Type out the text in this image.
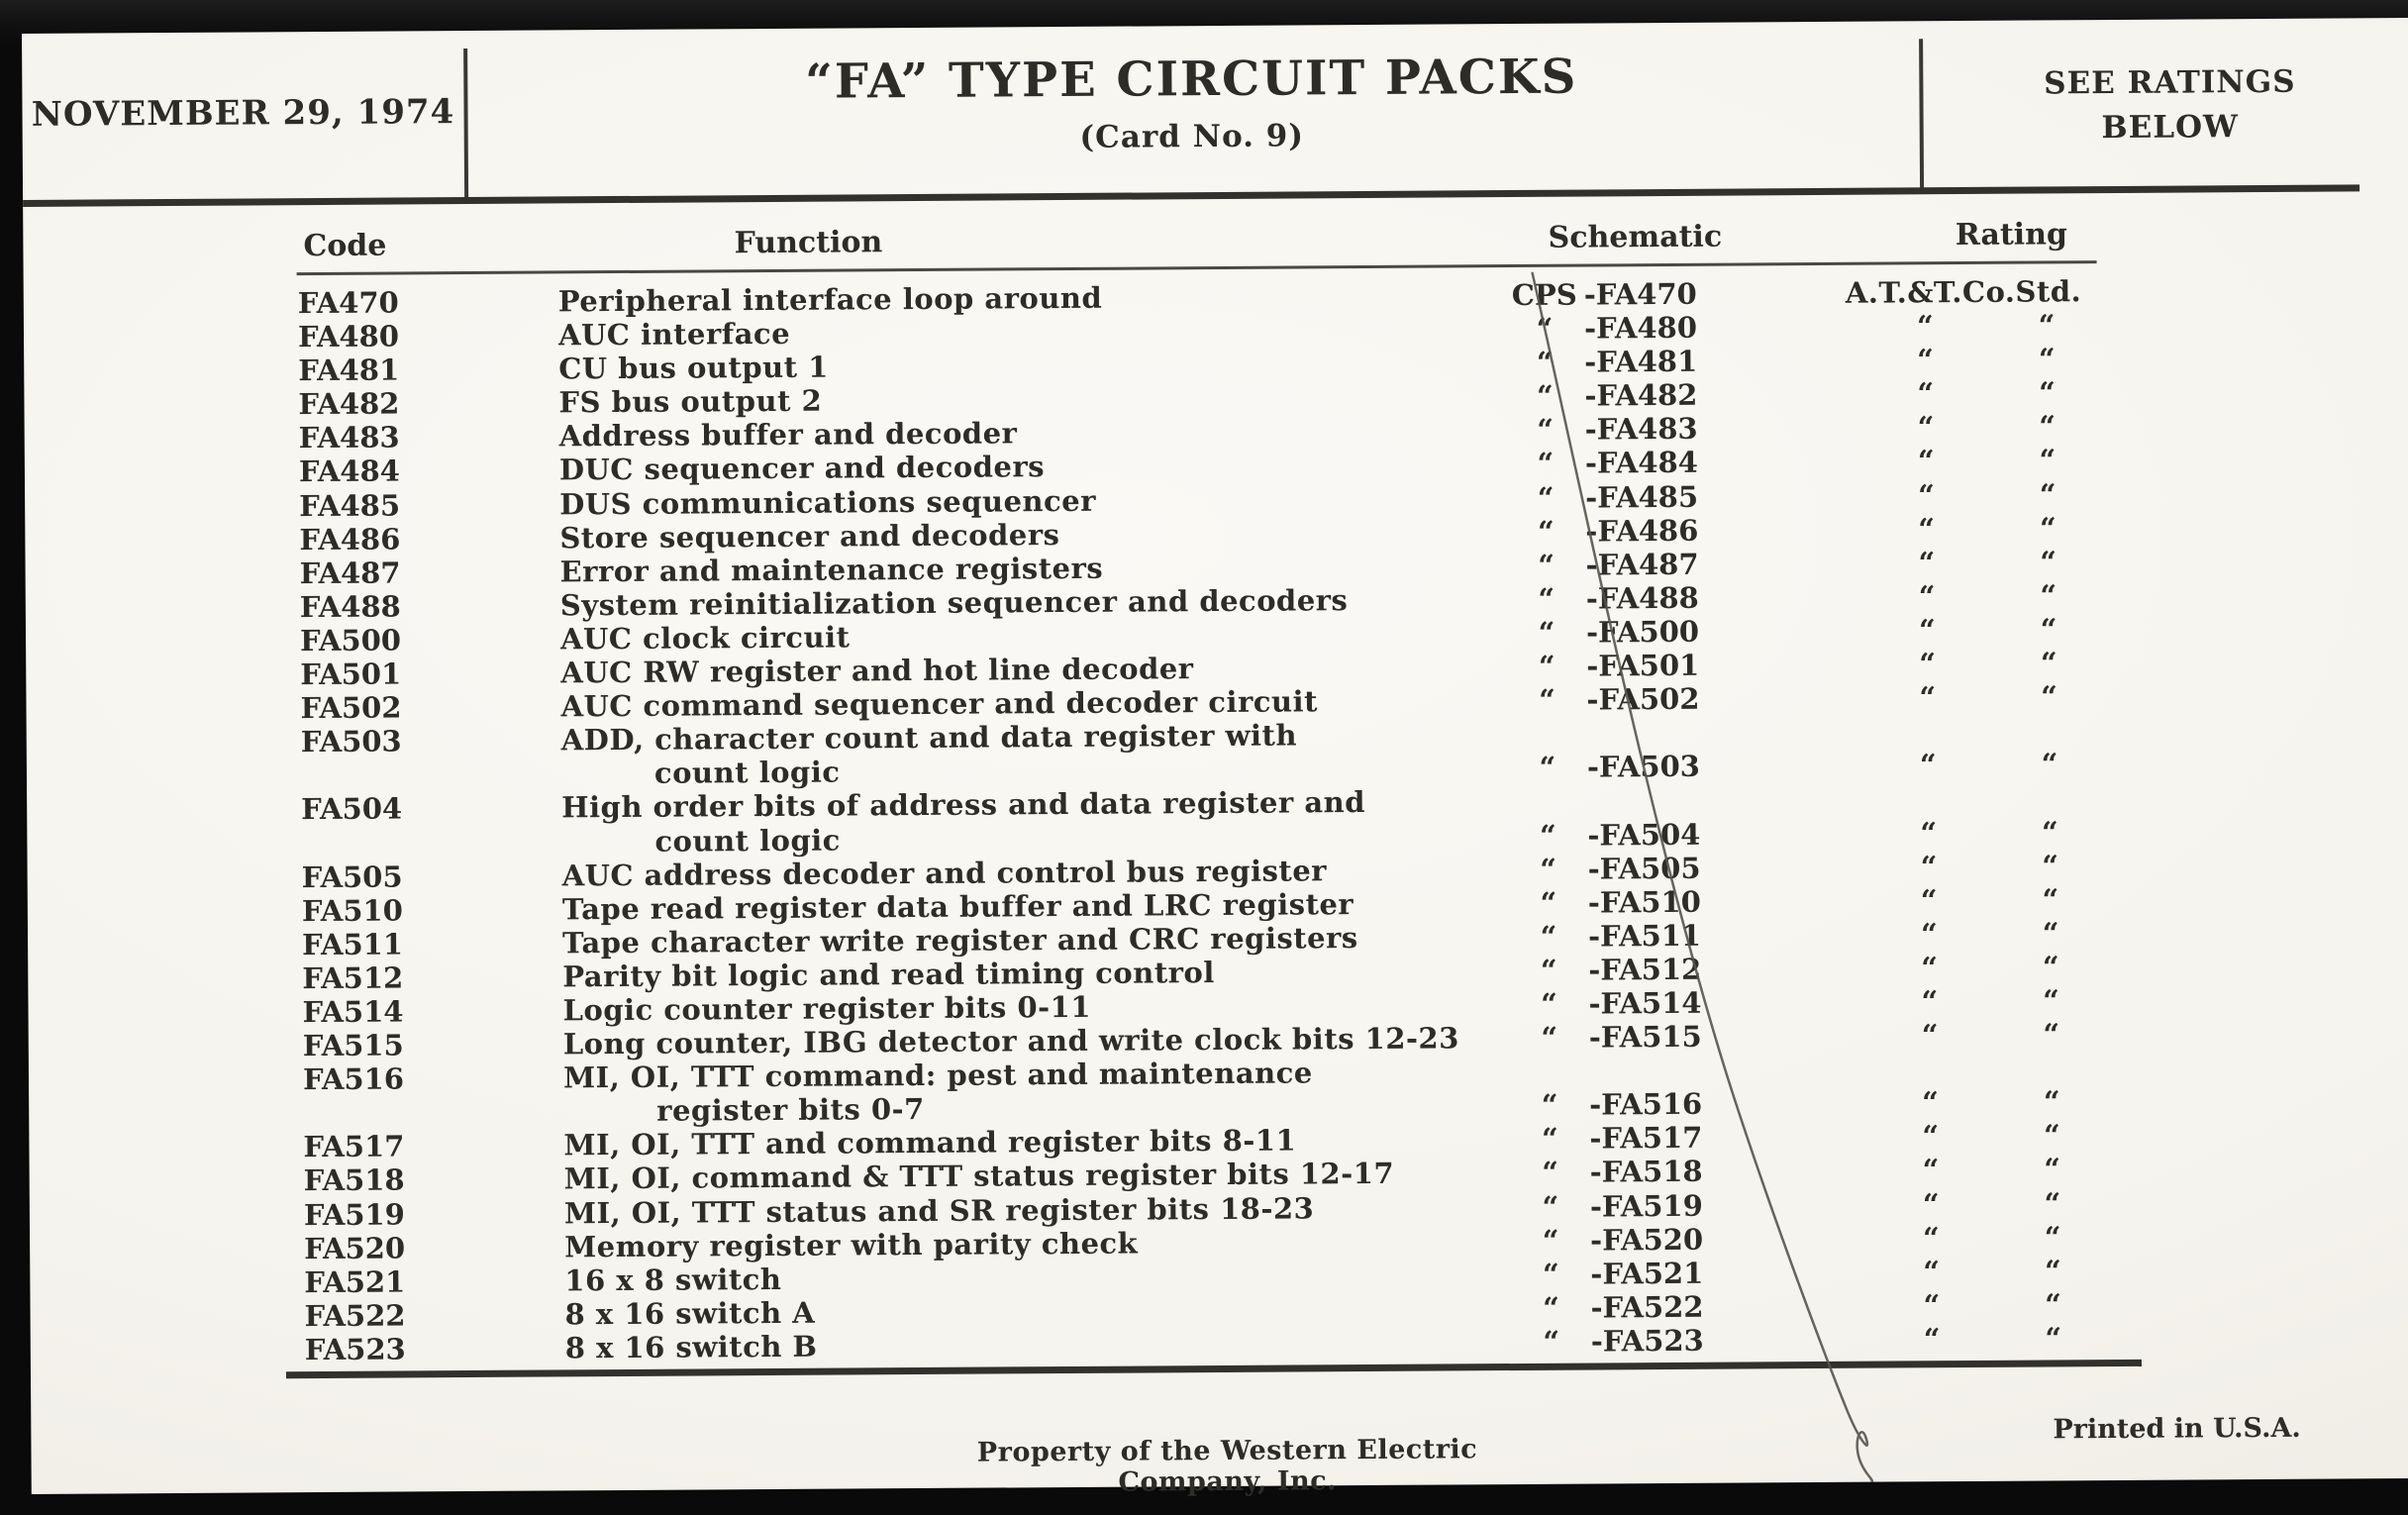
NOVEMBER 29, 1974
“FA” TYPE CIRCUIT PACKS
(Card No. 9)
SEE RATINGS
BELOW
Code	Function	Schematic	Rating
FA470	Peripheral interface loop around	CPS -FA470	A.T.&T.Co.Std.
FA480	AUC interface	“ -FA480	“	“
FA481	CU bus output 1	“ -FA481	“	“
FA482	FS bus output 2	“ -FA482	“	“
FA483	Address buffer and decoder	“ -FA483	“	“
FA484	DUC sequencer and decoders	“ -FA484	“	“
FA485	DUS communications sequencer	“ -FA485	“	“
FA486	Store sequencer and decoders	“ -FA486	“	“
FA487	Error and maintenance registers	“ -FA487	“	“
FA488	System reinitialization sequencer and decoders	“ -FA488	“	“
FA500	AUC clock circuit	“ -FA500	“	“
FA501	AUC RW register and hot line decoder	“ -FA501	“	“
FA502	AUC command sequencer and decoder circuit	“ -FA502	“	“
FA503	ADD, character count and data register with
count logic	“ -FA503	“	“
FA504	High order bits of address and data register and
count logic	“ -FA504	“	“
FA505	AUC address decoder and control bus register	“ -FA505	“	“
FA510	Tape read register data buffer and LRC register	“ -FA510	“	“
FA511	Tape character write register and CRC registers	“ -FA511	“	“
FA512	Parity bit logic and read timing control	“ -FA512	“	“
FA514	Logic counter register bits 0-11	“ -FA514	“	“
FA515	Long counter, IBG detector and write clock bits 12-23	“ -FA515	“	“
FA516	MI, OI, TTT command: pest and maintenance
register bits 0-7	“ -FA516	“	“
FA517	MI, OI, TTT and command register bits 8-11	“ -FA517	“	“
FA518	MI, OI, command & TTT status register bits 12-17	“ -FA518	“	“
FA519	MI, OI, TTT status and SR register bits 18-23	“ -FA519	“	“
FA520	Memory register with parity check	“ -FA520	“	“
FA521	16 x 8 switch	“ -FA521	“	“
FA522	8 x 16 switch A	“ -FA522	“	“
FA523	8 x 16 switch B	“ -FA523	“	“
Property of the Western Electric Company, Inc.
Printed in U.S.A.
